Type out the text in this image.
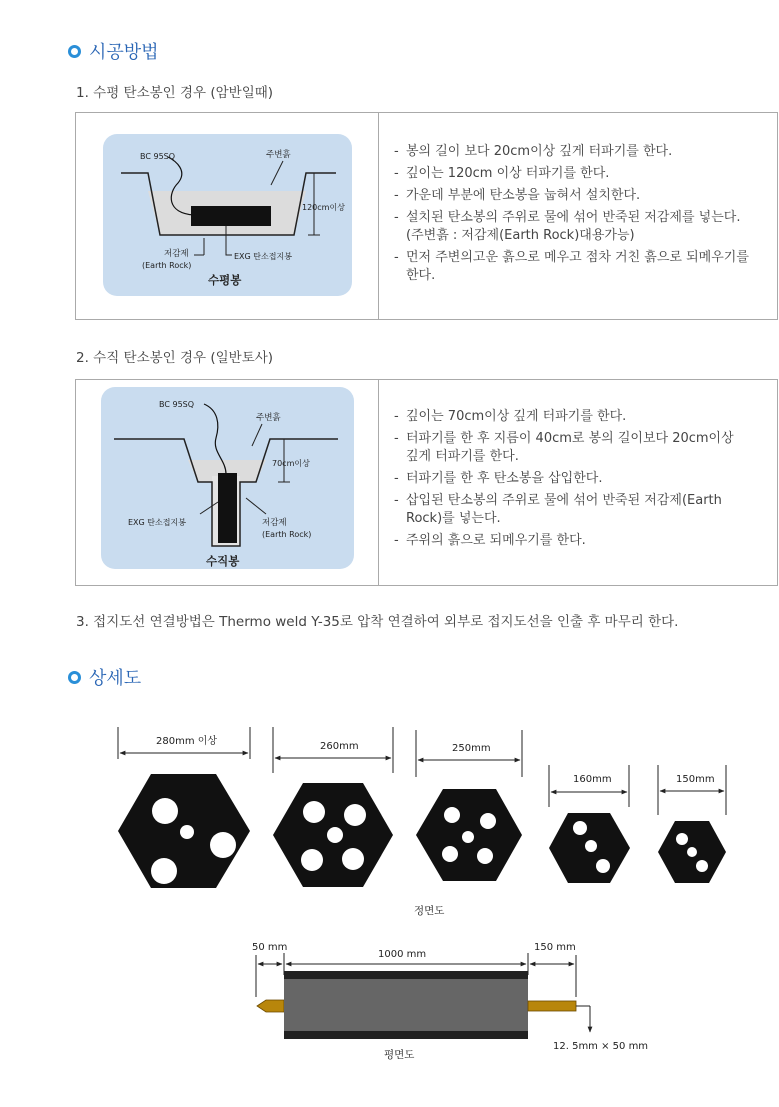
시공방법
1. 수평 탄소봉인 경우 (암반일때)
BC 95SQ	주변흙
120cm이상
저감제
(Earth Rock)
EXG 탄소접지봉
수평봉
- 봉의 길이 보다 20cm이상 깊게 터파기를 한다.
- 깊이는 120cm 이상 터파기를 한다.
- 가운데 부분에 탄소봉을 눕혀서 설치한다.
- 설치된 탄소봉의 주위로 물에 섞어 반죽된 저감제를 넣는다.
(주변흙 : 저감제(Earth Rock)대용가능)
- 먼저 주변의고운 흙으로 메우고 점차 거친 흙으로 되메우기를
한다.
2. 수직 탄소봉인 경우 (일반토사)
BC 95SQ
주변흙
70cm이상
저감제
(Earth Rock)
EXG 탄소접지봉
수직봉
- 깊이는 70cm이상 깊게 터파기를 한다.
- 터파기를 한 후 지름이 40cm로 봉의 길이보다 20cm이상
깊게 터파기를 한다.
- 터파기를 한 후 탄소봉을 삽입한다.
- 삽입된 탄소봉의 주위로 물에 섞어 반죽된 저감제(Earth
Rock)를 넣는다.
- 주위의 흙으로 되메우기를 한다.
3. 접지도선 연결방법은 Thermo weld Y-35로 압착 연결하여 외부로 접지도선을 인출 후 마무리 한다.
상세도
280mm 이상	260mm	250mm
160mm	150mm
정면도
50 mm
1000 mm
150 mm
12. 5mm × 50 mm
평면도
